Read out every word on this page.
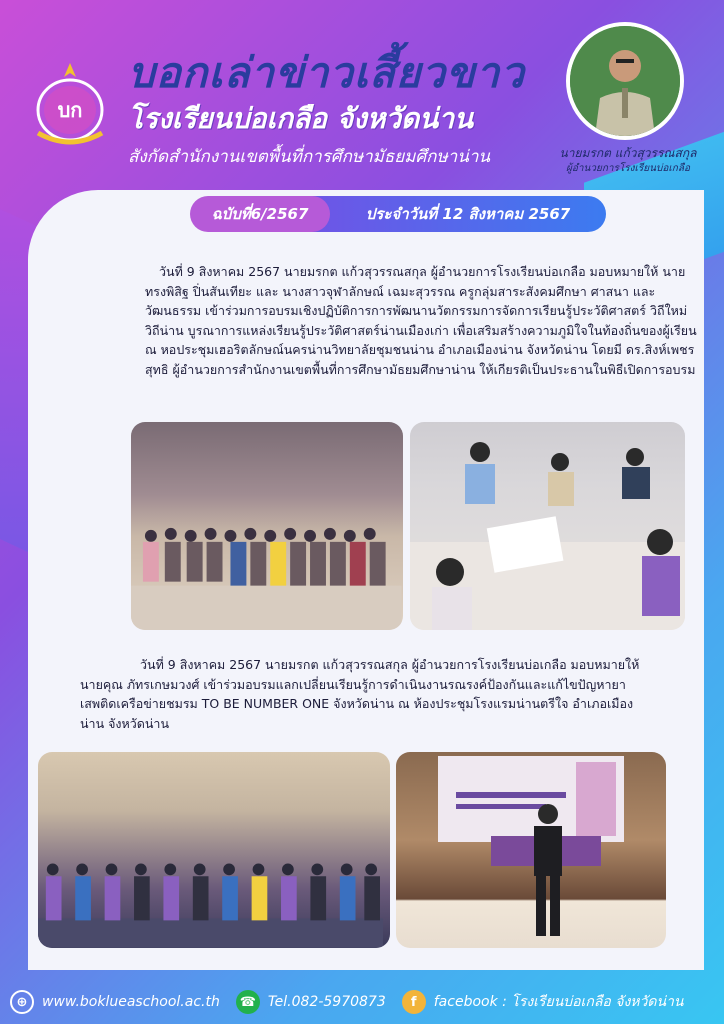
บก
บอกเล่าข่าวเสี้ยวขาว
โรงเรียนบ่อเกลือ จังหวัดน่าน
สังกัดสำนักงานเขตพื้นที่การศึกษามัธยมศึกษาน่าน	นายมรกต แก้วสุวรรณสกุล
ผู้อำนวยการโรงเรียนบ่อเกลือ
ประจำวันที่ 12 สิงหาคม 2567
ฉบับที่6/2567

วันที่ 9 สิงหาคม 2567 นายมรกต แก้วสุวรรณสกุล ผู้อำนวยการโรงเรียนบ่อเกลือ มอบหมายให้ นายทรงพิสิฐ ปิ่นสันเทียะ และ นางสาวจุฬาลักษณ์ เฉมะสุวรรณ ครูกลุ่มสาระสังคมศึกษา ศาสนา และวัฒนธรรม เข้าร่วมการอบรมเชิงปฏิบัติการการพัฒนานวัตกรรมการจัดการเรียนรู้ประวัติศาสตร์ วิถีใหม่วิถีน่าน บูรณาการแหล่งเรียนรู้ประวัติศาสตร์น่านเมืองเก่า เพื่อเสริมสร้างความภูมิใจในท้องถิ่นของผู้เรียน ณ หอประชุมเฮอริตลักษณ์นครน่านวิทยาลัยชุมชนน่าน อำเภอเมืองน่าน จังหวัดน่าน โดยมี ดร.สิงห์เพชร สุทธิ ผู้อำนวยการสำนักงานเขตพื้นที่การศึกษามัธยมศึกษาน่าน ให้เกียรติเป็นประธานในพิธีเปิดการอบรม

วันที่ 9 สิงหาคม 2567 นายมรกต แก้วสุวรรณสกุล ผู้อำนวยการโรงเรียนบ่อเกลือ มอบหมายให้ นายคุณ ภัทรเกษมวงศ์ เข้าร่วมอบรมแลกเปลี่ยนเรียนรู้การดำเนินงานรณรงค์ป้องกันและแก้ไขปัญหายาเสพติดเครือข่ายชมรม TO BE NUMBER ONE จังหวัดน่าน ณ ห้องประชุมโรงแรมน่านตรีใจ อำเภอเมืองน่าน จังหวัดน่าน

⊕	www.boklueaschool.ac.th ☎ Tel.082-5970873	f	facebook : โรงเรียนบ่อเกลือ จังหวัดน่าน
